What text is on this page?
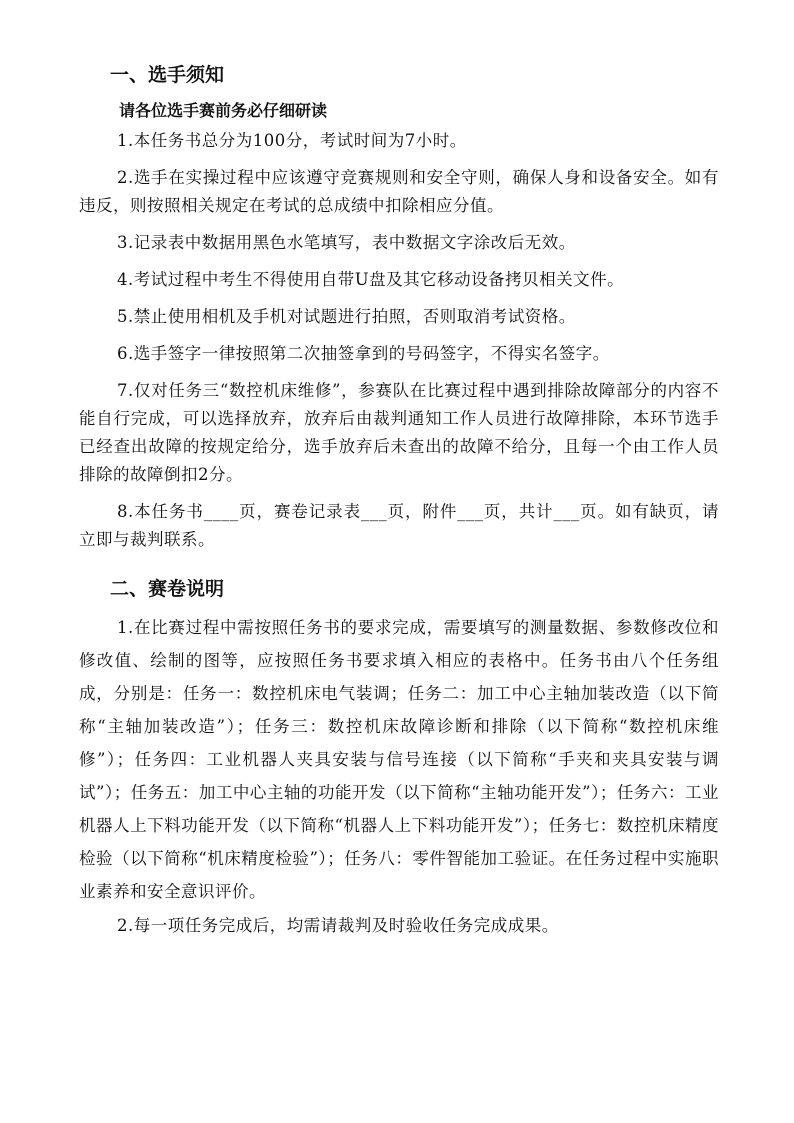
一、选手须知

请各位选手赛前务必仔细研读

1.本任务书总分为100分，考试时间为7小时。

2.选手在实操过程中应该遵守竞赛规则和安全守则，确保人身和设备安全。如有违反，则按照相关规定在考试的总成绩中扣除相应分值。

3.记录表中数据用黑色水笔填写，表中数据文字涂改后无效。

4.考试过程中考生不得使用自带U盘及其它移动设备拷贝相关文件。

5.禁止使用相机及手机对试题进行拍照，否则取消考试资格。

6.选手签字一律按照第二次抽签拿到的号码签字，不得实名签字。

7.仅对任务三“数控机床维修”，参赛队在比赛过程中遇到排除故障部分的内容不能自行完成，可以选择放弃，放弃后由裁判通知工作人员进行故障排除，本环节选手已经查出故障的按规定给分，选手放弃后未查出的故障不给分，且每一个由工作人员排除的故障倒扣2分。

8.本任务书____页，赛卷记录表___页，附件___页，共计___页。如有缺页，请立即与裁判联系。

二、赛卷说明

1.在比赛过程中需按照任务书的要求完成，需要填写的测量数据、参数修改位和修改值、绘制的图等，应按照任务书要求填入相应的表格中。任务书由八个任务组成，分别是：任务一：数控机床电气装调；任务二：加工中心主轴加装改造（以下简称“主轴加装改造”）；任务三：数控机床故障诊断和排除（以下简称“数控机床维修”）；任务四：工业机器人夹具安装与信号连接（以下简称“手夹和夹具安装与调试”）；任务五：加工中心主轴的功能开发（以下简称“主轴功能开发”）；任务六：工业机器人上下料功能开发（以下简称“机器人上下料功能开发”）；任务七：数控机床精度检验（以下简称“机床精度检验”）；任务八：零件智能加工验证。在任务过程中实施职业素养和安全意识评价。

2.每一项任务完成后，均需请裁判及时验收任务完成成果。
